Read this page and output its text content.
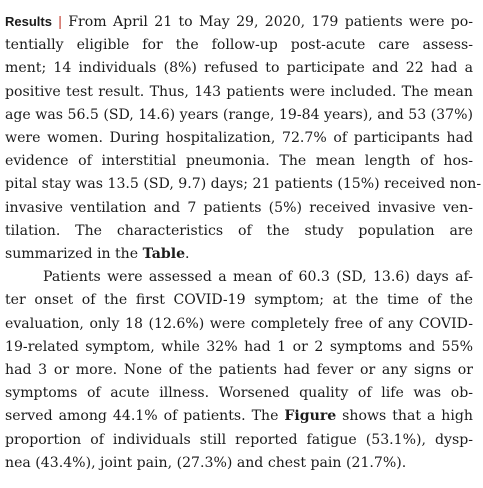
Results | From April 21 to May 29, 2020, 179 patients were po-
tentially eligible for the follow-up post-acute care assess-
ment; 14 individuals (8%) refused to participate and 22 had a
positive test result. Thus, 143 patients were included. The mean
age was 56.5 (SD, 14.6) years (range, 19-84 years), and 53 (37%)
were women. During hospitalization, 72.7% of participants had
evidence of interstitial pneumonia. The mean length of hos-
pital stay was 13.5 (SD, 9.7) days; 21 patients (15%) received non-
invasive ventilation and 7 patients (5%) received invasive ven-
tilation. The characteristics of the study population are
summarized in the Table.
Patients were assessed a mean of 60.3 (SD, 13.6) days af-
ter onset of the first COVID-19 symptom; at the time of the
evaluation, only 18 (12.6%) were completely free of any COVID-
19-related symptom, while 32% had 1 or 2 symptoms and 55%
had 3 or more. None of the patients had fever or any signs or
symptoms of acute illness. Worsened quality of life was ob-
served among 44.1% of patients. The Figure shows that a high
proportion of individuals still reported fatigue (53.1%), dysp-
nea (43.4%), joint pain, (27.3%) and chest pain (21.7%).
